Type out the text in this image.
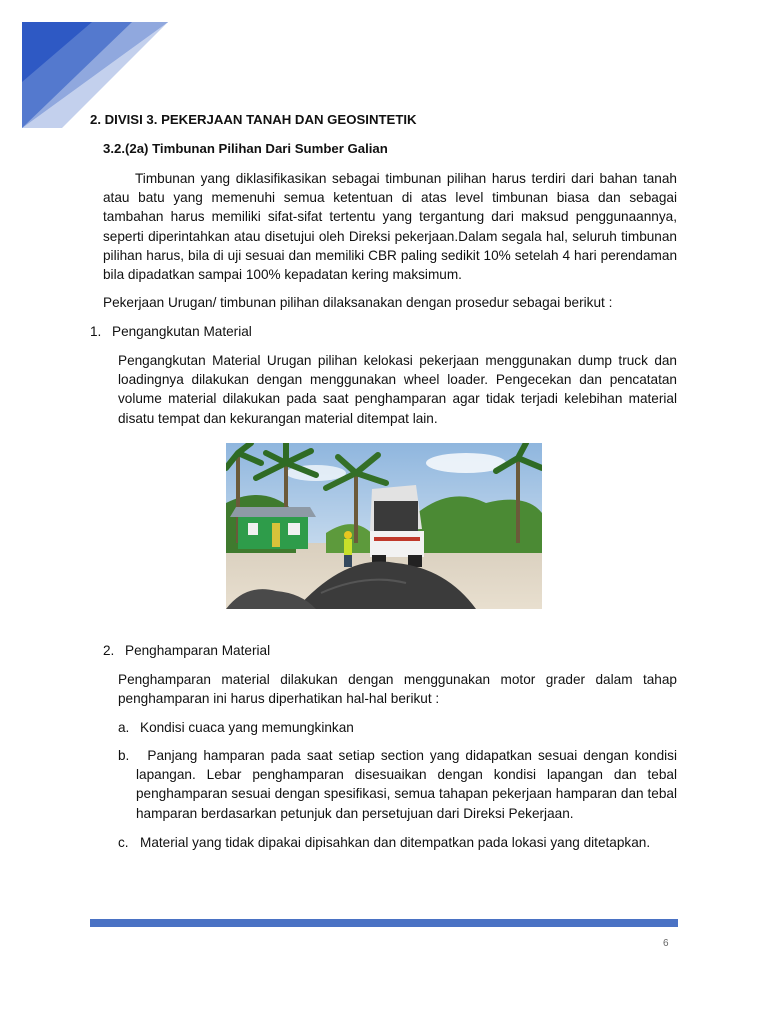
2. DIVISI 3. PEKERJAAN TANAH DAN GEOSINTETIK
3.2.(2a) Timbunan Pilihan Dari Sumber Galian

Timbunan yang diklasifikasikan sebagai timbunan pilihan harus terdiri dari bahan tanah atau batu yang memenuhi semua ketentuan di atas level timbunan biasa dan sebagai tambahan harus memiliki sifat-sifat tertentu yang tergantung dari maksud penggunaannya, seperti diperintahkan atau disetujui oleh Direksi pekerjaan.Dalam segala hal, seluruh timbunan pilihan harus, bila di uji sesuai dan memiliki CBR paling sedikit 10% setelah 4 hari perendaman bila dipadatkan sampai 100% kepadatan kering maksimum.

Pekerjaan Urugan/ timbunan pilihan dilaksanakan dengan prosedur sebagai berikut :

1. Pengangkutan Material

Pengangkutan Material Urugan pilihan kelokasi pekerjaan menggunakan dump truck dan loadingnya dilakukan dengan menggunakan wheel loader. Pengecekan dan pencatatan volume material dilakukan pada saat penghamparan agar tidak terjadi kelebihan material disatu tempat dan kekurangan material ditempat lain.

2. Penghamparan Material

Penghamparan material dilakukan dengan menggunakan motor grader dalam tahap penghamparan ini harus diperhatikan hal-hal berikut :

a. Kondisi cuaca yang memungkinkan
b. Panjang hamparan pada saat setiap section yang didapatkan sesuai dengan kondisi lapangan. Lebar penghamparan disesuaikan dengan kondisi lapangan dan tebal penghamparan sesuai dengan spesifikasi, semua tahapan pekerjaan hamparan dan tebal hamparan berdasarkan petunjuk dan persetujuan dari Direksi Pekerjaan.
c. Material yang tidak dipakai dipisahkan dan ditempatkan pada lokasi yang ditetapkan.
6
